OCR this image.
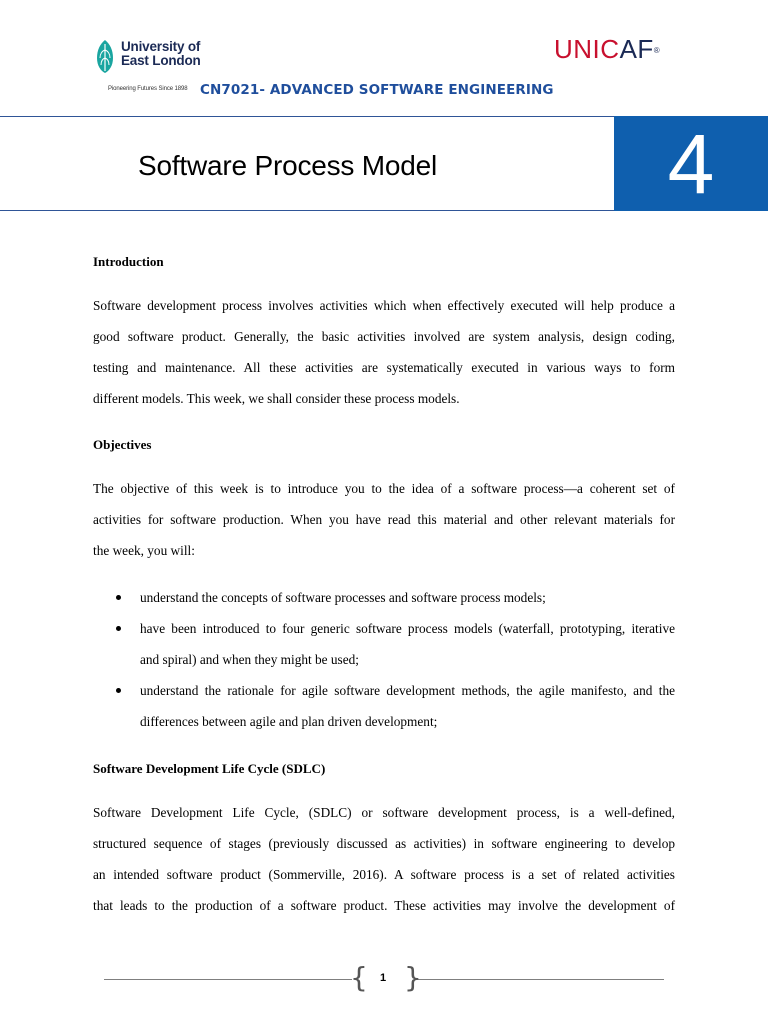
University of
East London
Pioneering Futures Since 1898 CN7021- ADVANCED SOFTWARE ENGINEERING
UNICAF®
Software Process Model	4
Introduction
Software development process involves activities which when effectively executed will help produce a
good software product. Generally, the basic activities involved are system analysis, design coding,
testing and maintenance. All these activities are systematically executed in various ways to form
different models. This week, we shall consider these process models.
Objectives
The objective of this week is to introduce you to the idea of a software process—a coherent set of
activities for software production. When you have read this material and other relevant materials for
the week, you will:
understand the concepts of software processes and software process models;
have been introduced to four generic software process models (waterfall, prototyping, iterative
and spiral) and when they might be used;
understand the rationale for agile software development methods, the agile manifesto, and the
differences between agile and plan driven development;
Software Development Life Cycle (SDLC)
Software Development Life Cycle, (SDLC) or software development process, is a well-defined,
structured sequence of stages (previously discussed as activities) in software engineering to develop
an intended software product (Sommerville, 2016). A software process is a set of related activities
that leads to the production of a software product. These activities may involve the development of
{ }
1
